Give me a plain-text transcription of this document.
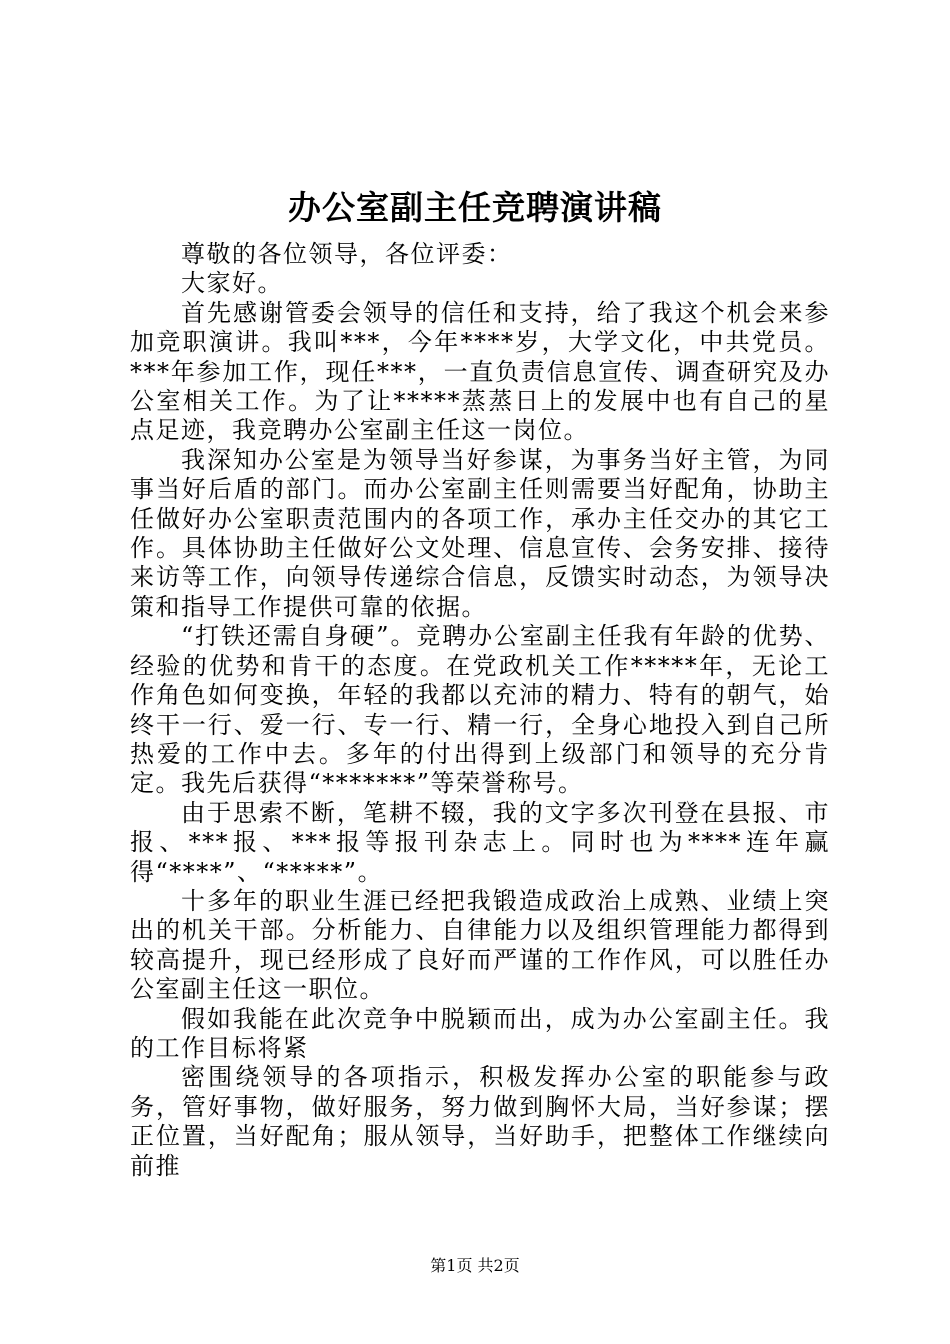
办公室副主任竞聘演讲稿

尊敬的各位领导，各位评委：

大家好。

首先感谢管委会领导的信任和支持，给了我这个机会来参加竞职演讲。我叫***，今年****岁，大学文化，中共党员。***年参加工作，现任***，一直负责信息宣传、调查研究及办公室相关工作。为了让*****蒸蒸日上的发展中也有自己的星点足迹，我竞聘办公室副主任这一岗位。

我深知办公室是为领导当好参谋，为事务当好主管，为同事当好后盾的部门。而办公室副主任则需要当好配角，协助主任做好办公室职责范围内的各项工作，承办主任交办的其它工作。具体协助主任做好公文处理、信息宣传、会务安排、接待来访等工作，向领导传递综合信息，反馈实时动态，为领导决策和指导工作提供可靠的依据。

“打铁还需自身硬”。竞聘办公室副主任我有年龄的优势、经验的优势和肯干的态度。在党政机关工作*****年，无论工作角色如何变换，年轻的我都以充沛的精力、特有的朝气，始终干一行、爱一行、专一行、精一行，全身心地投入到自己所热爱的工作中去。多年的付出得到上级部门和领导的充分肯定。我先后获得“*******”等荣誉称号。

由于思索不断，笔耕不辍，我的文字多次刊登在县报、市报、***报、***报等报刊杂志上。同时也为****连年赢得“****”、“*****”。

十多年的职业生涯已经把我锻造成政治上成熟、业绩上突出的机关干部。分析能力、自律能力以及组织管理能力都得到较高提升，现已经形成了良好而严谨的工作作风，可以胜任办公室副主任这一职位。

假如我能在此次竞争中脱颖而出，成为办公室副主任。我的工作目标将紧

密围绕领导的各项指示，积极发挥办公室的职能参与政务，管好事物，做好服务，努力做到胸怀大局，当好参谋；摆正位置，当好配角；服从领导，当好助手，把整体工作继续向前推

第1页 共2页
